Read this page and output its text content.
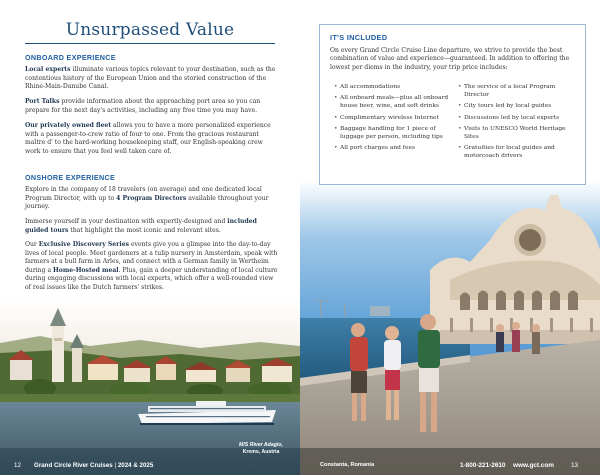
Unsurpassed Value
ONBOARD EXPERIENCE

Local experts illuminate various topics relevant to your destination, such as the contentious history of the European Union and the storied construction of the Rhine-Main-Danube Canal.

Port Talks provide information about the approaching port area so you can prepare for the next day's activities, including any free time you may have.

Our privately owned fleet allows you to have a more personalized experience with a passenger-to-crew ratio of four to one. From the gracious restaurant maître d' to the hard-working housekeeping staff, our English-speaking crew work to ensure that you feel well taken care of.

ONSHORE EXPERIENCE

Explore in the company of 18 travelers (on average) and one dedicated local Program Director, with up to 4 Program Directors available throughout your journey.

Immerse yourself in your destination with expertly-designed and included guided tours that highlight the most iconic and relevant sites.

Our Exclusive Discovery Series events give you a glimpse into the day-to-day lives of local people. Meet gardeners at a tulip nursery in Amsterdam, speak with farmers at a bull farm in Arles, and connect with a German family in Wertheim during a Home-Hosted meal. Plus, gain a deeper understanding of local culture during engaging discussions with local experts, which offer a well-rounded view of real issues like the Dutch farmers' strikes.

M/S River Adagio,
Krems, Austria
12 Grand Circle River Cruises | 2024 & 2025
IT'S INCLUDED

On every Grand Circle Cruise Line departure, we strive to provide the best combination of value and experience—guaranteed. In addition to offering the lowest per diems in the industry, your trip price includes:

• All accommodations
• All onboard meals—plus all onboard house beer, wine, and soft drinks
• Complimentary wireless Internet
• Baggage handling for 1 piece of luggage per person, including tips
• All port charges and fees
• The service of a local Program Director
• City tours led by local guides
• Discussions led by local experts
• Visits to UNESCO World Heritage Sites
• Gratuities for local guides and motorcoach drivers
Constanta, Romania	1-800-221-2610 www.gct.com	13
